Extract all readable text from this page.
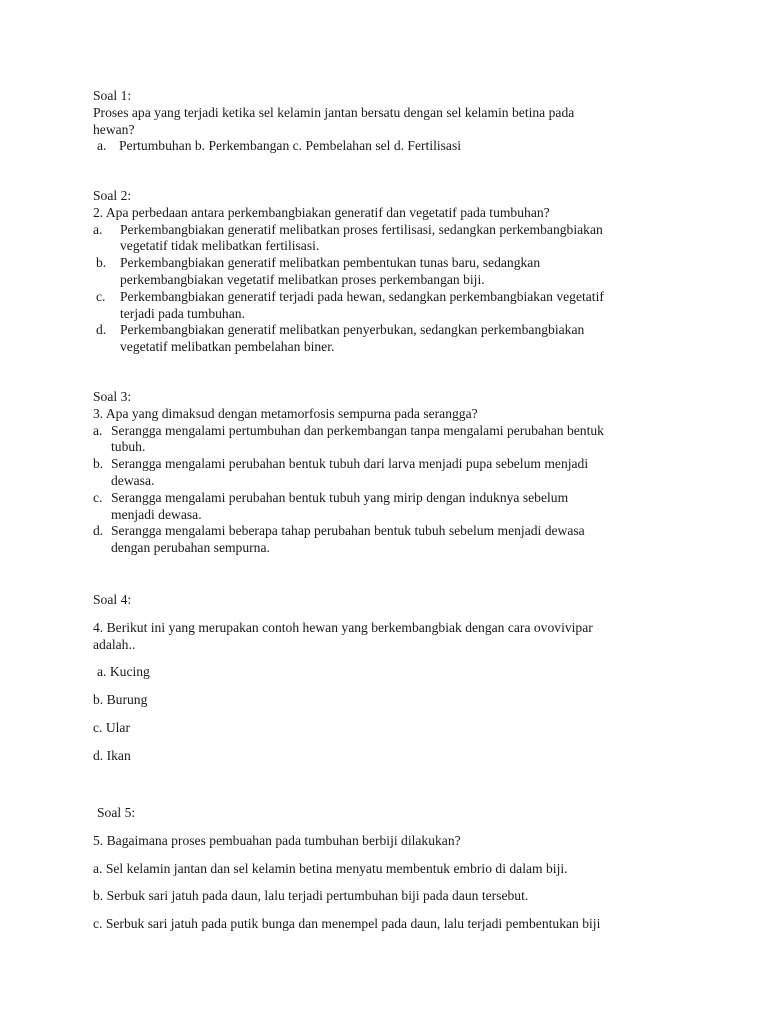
Soal 1:
Proses apa yang terjadi ketika sel kelamin jantan bersatu dengan sel kelamin betina pada
hewan?
a. Pertumbuhan b. Perkembangan c. Pembelahan sel d. Fertilisasi
Soal 2:
2. Apa perbedaan antara perkembangbiakan generatif dan vegetatif pada tumbuhan?
a.	Perkembangbiakan generatif melibatkan proses fertilisasi, sedangkan perkembangbiakan
vegetatif tidak melibatkan fertilisasi.
b.	Perkembangbiakan generatif melibatkan pembentukan tunas baru, sedangkan
perkembangbiakan vegetatif melibatkan proses perkembangan biji.
c.	Perkembangbiakan generatif terjadi pada hewan, sedangkan perkembangbiakan vegetatif
terjadi pada tumbuhan.
d.	Perkembangbiakan generatif melibatkan penyerbukan, sedangkan perkembangbiakan
vegetatif melibatkan pembelahan biner.
Soal 3:
3. Apa yang dimaksud dengan metamorfosis sempurna pada serangga?
a. Serangga mengalami pertumbuhan dan perkembangan tanpa mengalami perubahan bentuk
tubuh.
b. Serangga mengalami perubahan bentuk tubuh dari larva menjadi pupa sebelum menjadi
dewasa.
c. Serangga mengalami perubahan bentuk tubuh yang mirip dengan induknya sebelum
menjadi dewasa.
d. Serangga mengalami beberapa tahap perubahan bentuk tubuh sebelum menjadi dewasa
dengan perubahan sempurna.
Soal 4:
4. Berikut ini yang merupakan contoh hewan yang berkembangbiak dengan cara ovovivipar
adalah..
a. Kucing
b. Burung
c. Ular
d. Ikan
Soal 5:
5. Bagaimana proses pembuahan pada tumbuhan berbiji dilakukan?
a. Sel kelamin jantan dan sel kelamin betina menyatu membentuk embrio di dalam biji.
b. Serbuk sari jatuh pada daun, lalu terjadi pertumbuhan biji pada daun tersebut.
c. Serbuk sari jatuh pada putik bunga dan menempel pada daun, lalu terjadi pembentukan biji
